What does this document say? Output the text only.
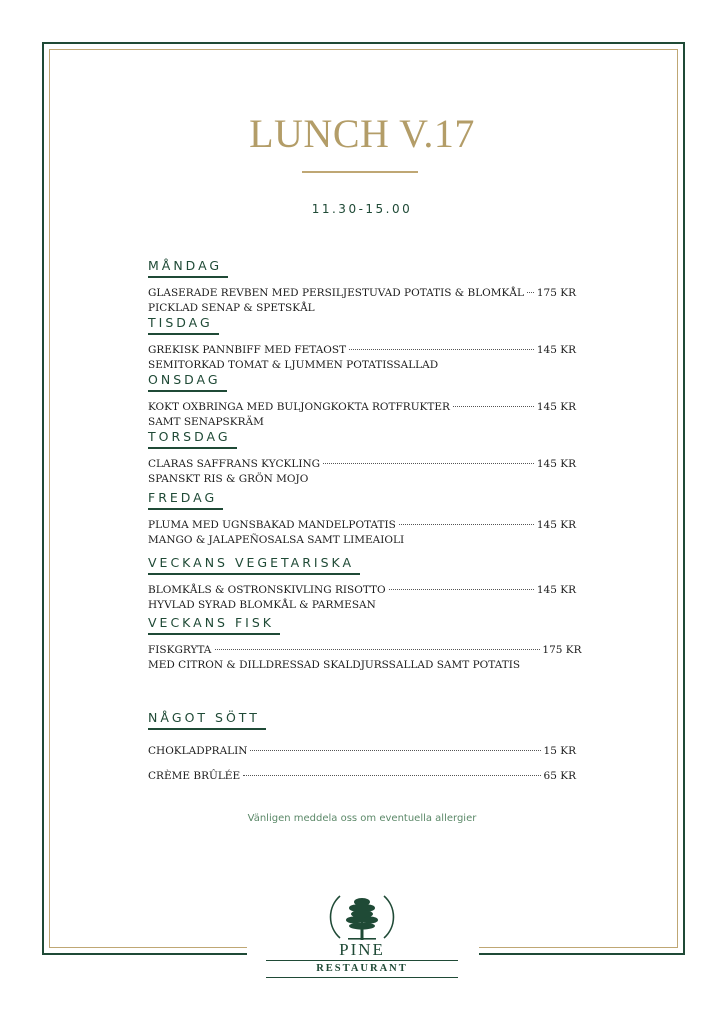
LUNCH V.17
11.30-15.00
MÅNDAG
GLASERADE REVBEN MED PERSILJESTUVAD POTATIS & BLOMKÅL 175 KR
PICKLAD SENAP & SPETSKÅL
TISDAG
GREKISK PANNBIFF MED FETAOST	145 KR
SEMITORKAD TOMAT & LJUMMEN POTATISSALLAD
ONSDAG
KOKT OXBRINGA MED BULJONGKOKTA ROTFRUKTER	145 KR
SAMT SENAPSKRÄM
TORSDAG
CLARAS SAFFRANS KYCKLING	145 KR
SPANSKT RIS & GRÖN MOJO
FREDAG
PLUMA MED UGNSBAKAD MANDELPOTATIS	145 KR
MANGO & JALAPEÑOSALSA SAMT LIMEAIOLI
VECKANS VEGETARISKA
BLOMKÅLS & OSTRONSKIVLING RISOTTO	145 KR
HYVLAD SYRAD BLOMKÅL & PARMESAN
VECKANS FISK
FISKGRYTA	175 KR
MED CITRON & DILLDRESSAD SKALDJURSSALLAD SAMT POTATIS
NÅGOT SÖTT
CHOKLADPRALIN	15 KR
CRÈME BRÛLÉE	65 KR
Vänligen meddela oss om eventuella allergier
PINE
RESTAURANT
